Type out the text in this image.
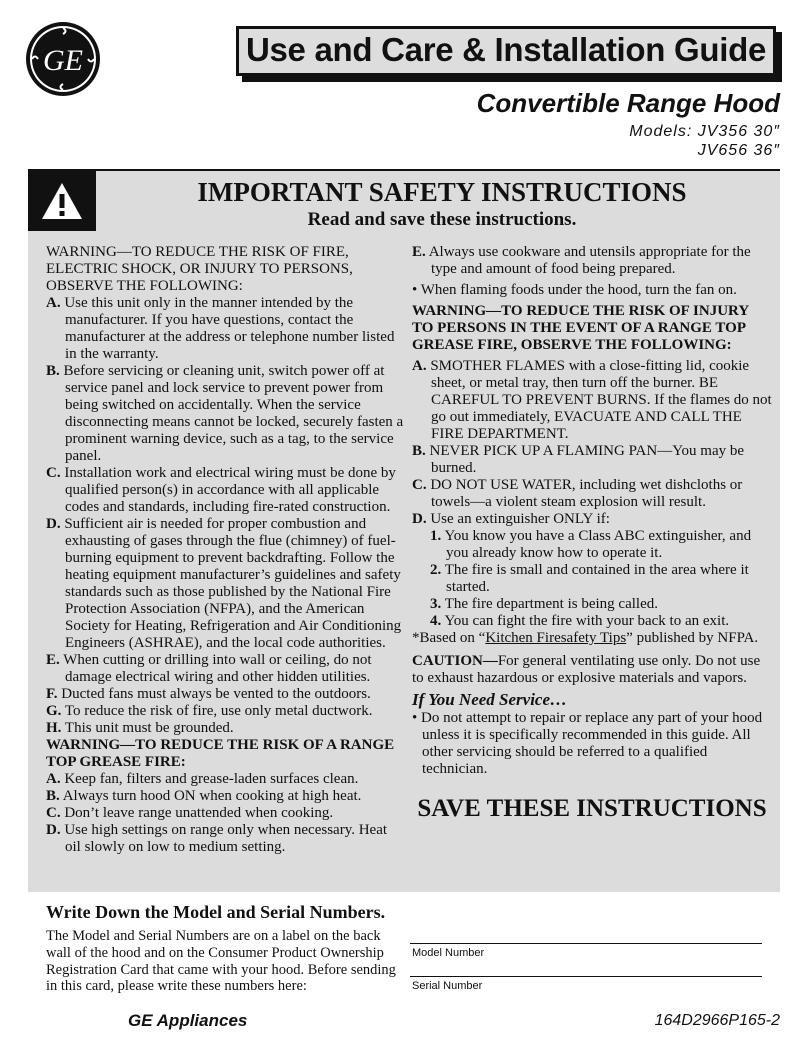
GE	Use and Care & Installation Guide
Convertible Range Hood
Models: JV356 30″
JV656 36″
IMPORTANT SAFETY INSTRUCTIONS
Read and save these instructions.

WARNING—TO REDUCE THE RISK OF FIRE, ELECTRIC SHOCK, OR INJURY TO PERSONS, OBSERVE THE FOLLOWING:

A. Use this unit only in the manner intended by the manufacturer. If you have questions, contact the manufacturer at the address or telephone number listed in the warranty.

B. Before servicing or cleaning unit, switch power off at service panel and lock service to prevent power from being switched on accidentally. When the service disconnecting means cannot be locked, securely fasten a prominent warning device, such as a tag, to the service panel.

C. Installation work and electrical wiring must be done by qualified person(s) in accordance with all applicable codes and standards, including fire-rated construction.

D. Sufficient air is needed for proper combustion and exhausting of gases through the flue (chimney) of fuel-burning equipment to prevent backdrafting. Follow the heating equipment manufacturer’s guidelines and safety standards such as those published by the National Fire Protection Association (NFPA), and the American Society for Heating, Refrigeration and Air Conditioning Engineers (ASHRAE), and the local code authorities.

E. When cutting or drilling into wall or ceiling, do not damage electrical wiring and other hidden utilities.

F. Ducted fans must always be vented to the outdoors.

G. To reduce the risk of fire, use only metal ductwork.

H. This unit must be grounded.

WARNING—TO REDUCE THE RISK OF A RANGE TOP GREASE FIRE:

A. Keep fan, filters and grease-laden surfaces clean.

B. Always turn hood ON when cooking at high heat.

C. Don’t leave range unattended when cooking.

D. Use high settings on range only when necessary. Heat oil slowly on low to medium setting.

E. Always use cookware and utensils appropriate for the type and amount of food being prepared.

• When flaming foods under the hood, turn the fan on.

WARNING—TO REDUCE THE RISK OF INJURY TO PERSONS IN THE EVENT OF A RANGE TOP GREASE FIRE, OBSERVE THE FOLLOWING:

A. SMOTHER FLAMES with a close-fitting lid, cookie sheet, or metal tray, then turn off the burner. BE CAREFUL TO PREVENT BURNS. If the flames do not go out immediately, EVACUATE AND CALL THE FIRE DEPARTMENT.

B. NEVER PICK UP A FLAMING PAN—You may be burned.

C. DO NOT USE WATER, including wet dishcloths or towels—a violent steam explosion will result.

D. Use an extinguisher ONLY if:

1. You know you have a Class ABC extinguisher, and you already know how to operate it.

2. The fire is small and contained in the area where it started.

3. The fire department is being called.

4. You can fight the fire with your back to an exit.

*Based on “Kitchen Firesafety Tips” published by NFPA.

CAUTION—For general ventilating use only. Do not use to exhaust hazardous or explosive materials and vapors.

If You Need Service…

• Do not attempt to repair or replace any part of your hood unless it is specifically recommended in this guide. All other servicing should be referred to a qualified technician.

SAVE THESE INSTRUCTIONS
Write Down the Model and Serial Numbers.
The Model and Serial Numbers are on a label on the back wall of the hood and on the Consumer Product Ownership Registration Card that came with your hood. Before sending in this card, please write these numbers here:
Model Number
Serial Number
GE Appliances	164D2966P165-2
